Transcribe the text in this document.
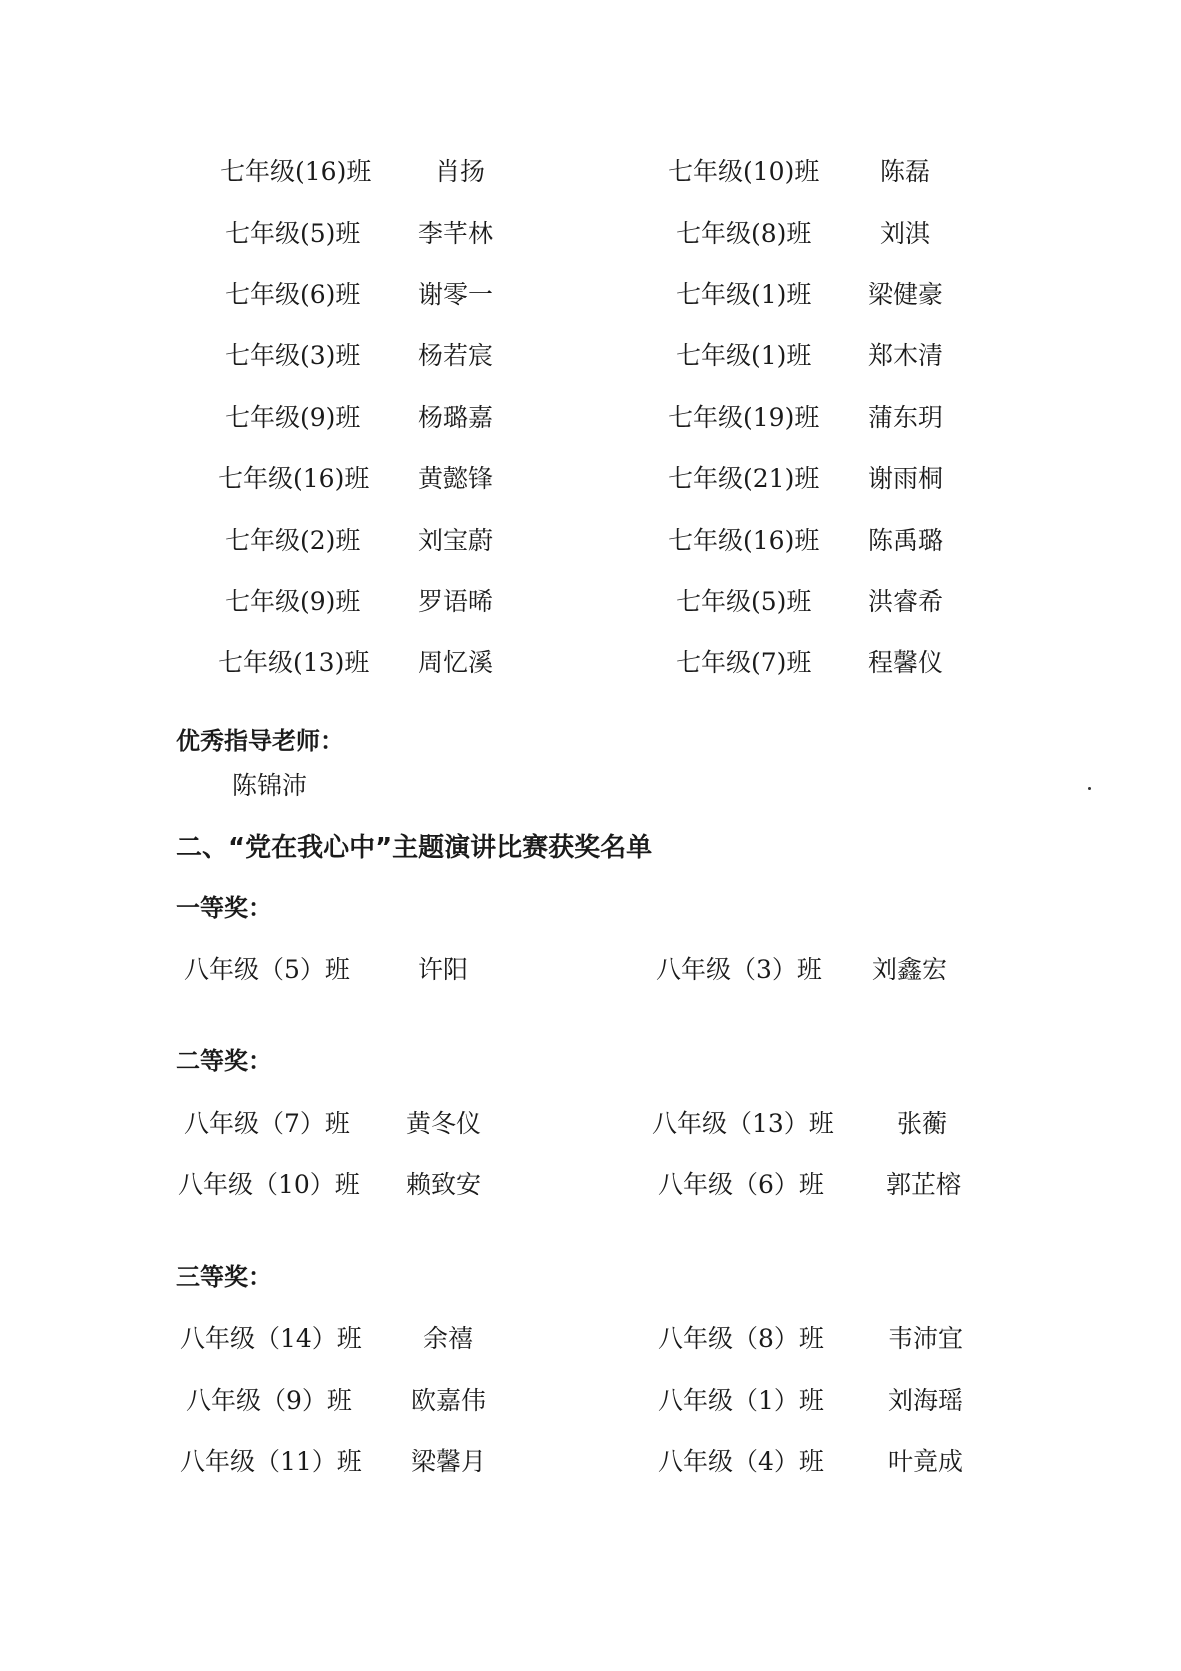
七年级(16)班	肖扬	七年级(10)班 陈磊
七年级(5)班 李芊林	七年级(8)班	刘淇
七年级(6)班 谢零一	七年级(1)班 梁健豪
七年级(3)班 杨若宸	七年级(1)班 郑木清
七年级(9)班 杨璐嘉	七年级(19)班 蒲东玥
七年级(16)班 黄懿锋	七年级(21)班 谢雨桐
七年级(2)班 刘宝蔚	七年级(16)班 陈禹璐
七年级(9)班 罗语晞	七年级(5)班 洪睿希
七年级(13)班 周忆溪	七年级(7)班 程馨仪
优秀指导老师：
陈锦沛
二、“党在我心中”主题演讲比赛获奖名单
一等奖：
八年级（5）班	许阳	八年级（3）班 刘鑫宏
二等奖：
八年级（7）班 黄冬仪	八年级（13）班	张蘅
八年级（10）班 赖致安	八年级（6）班 郭芷榕
三等奖：
八年级（14）班 余禧	八年级（8）班	韦沛宜
八年级（9）班 欧嘉伟	八年级（1）班	刘海瑶
八年级（11）班 梁馨月	八年级（4）班	叶竟成
